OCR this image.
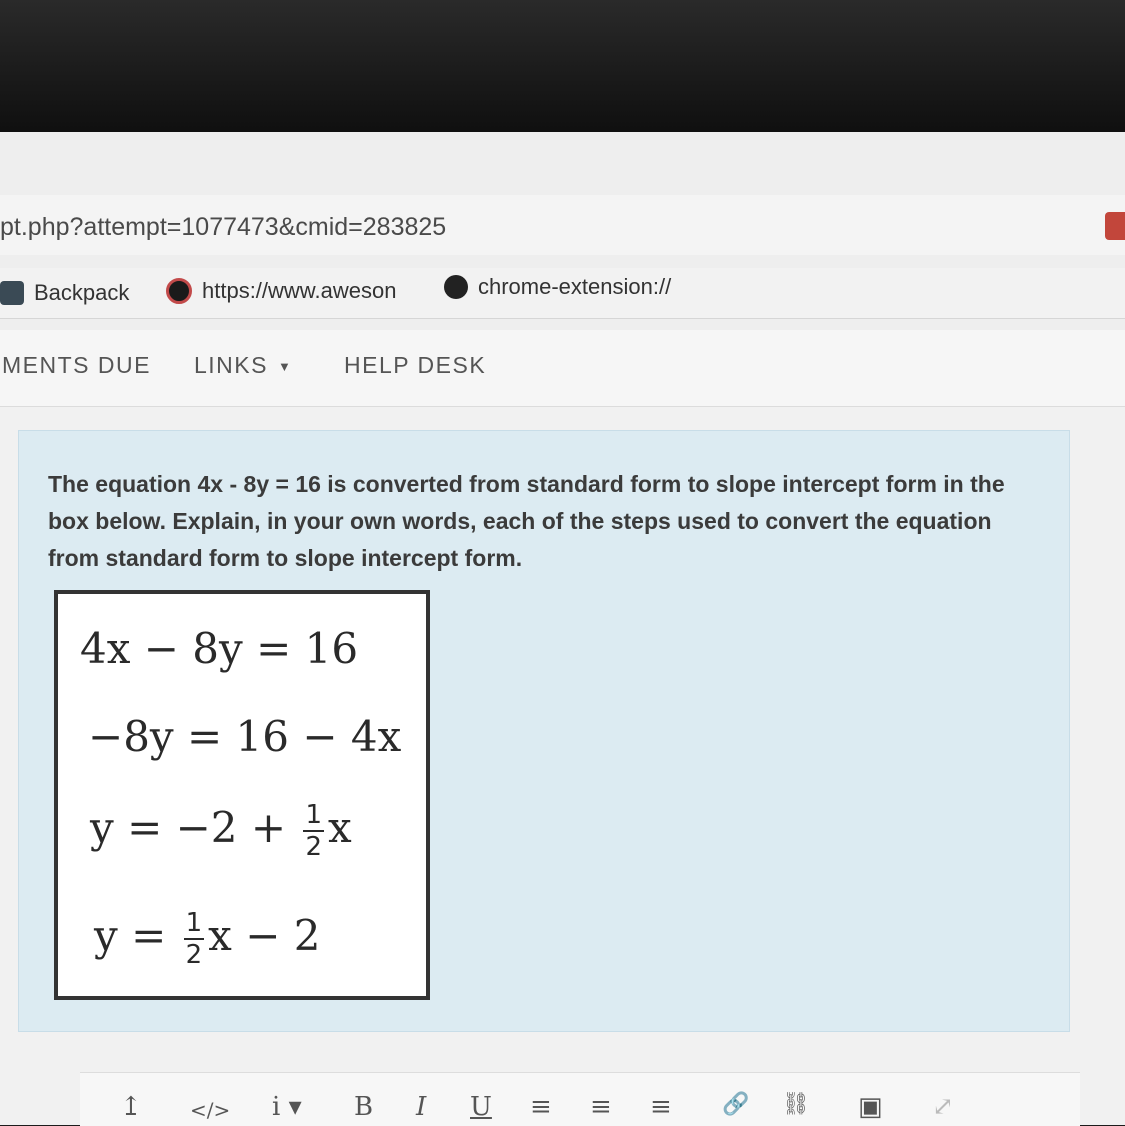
pt.php?attempt=1077473&cmid=283825
Backpack	https://www.aweson	chrome-extension://
MENTS DUE LINKS ▼ HELP DESK
The equation 4x - 8y = 16 is converted from standard form to slope intercept form in the box below. Explain, in your own words, each of the steps used to convert the equation from standard form to slope intercept form.
4x − 8y = 16
−8y = 16 − 4x
$y = -2 + \frac{1}{2}$ x
$y = \frac{1}{2}$ x − 2
↥ </> i ▾ B I U ≡ ≡ ≡ 🔗 ⛓ ▣ ⤢
